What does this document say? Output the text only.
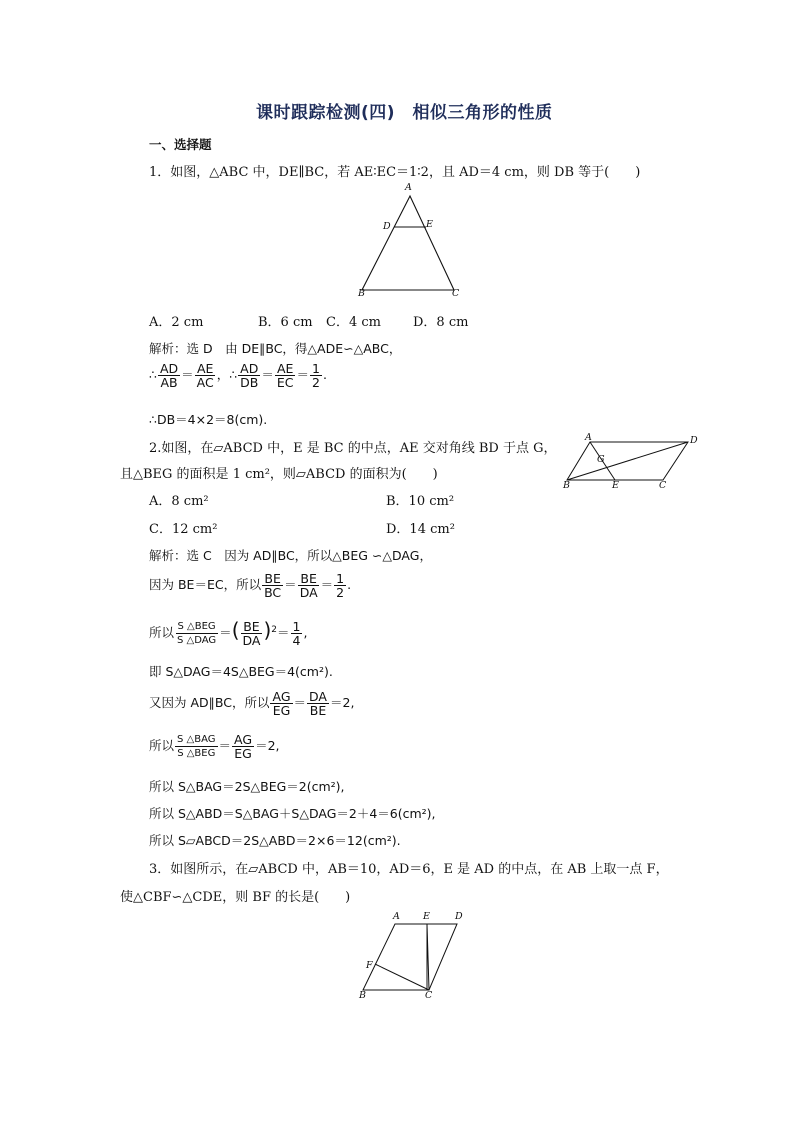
课时跟踪检测(四)　相似三角形的性质
一、选择题
1．如图，△ABC 中，DE∥BC，若 AE∶EC＝1∶2，且 AD＝4 cm，则 DB 等于(　　)
A
D	E
B	C
A．2 cm	B．6 cm C．4 cm D．8 cm
解析：选 D　由 DE∥BC，得△ADE∽△ABC，
∴ $\frac{AD}{AB} = \frac{AE}{AC}$ ，∴ $\frac{AD}{DB} = \frac{AE}{EC} = \frac{1}{2}$ .
∴DB＝4×2＝8(cm).
2.如图，在▱ABCD 中，E 是 BC 的中点，AE 交对角线 BD 于点 G，
且△BEG 的面积是 1 cm²，则▱ABCD 的面积为(　　)
A	D
G
B	E	C
A．8 cm²	B．10 cm²
C．12 cm²	D．14 cm²
解析：选 C　因为 AD∥BC，所以△BEG ∽△DAG，
因为 BE＝EC，所以 $\frac{BE}{BC} = \frac{BE}{DA} = \frac{1}{2}$ .
所以 $\frac{\text{S △BEG}}{\text{S △DAG}}$ ＝( $\frac{BE}{DA} )^2= \frac{1}{4}$ ,
即 S△DAG＝4S△BEG＝4(cm²).
又因为 AD∥BC，所以 $\frac{AG}{EG} = \frac{DA}{BE} =2$,
所以 $\frac{\text{S △BAG}}{\text{S △BEG}} = \frac{AG}{EG} =2$,
所以 S△BAG＝2S△BEG＝2(cm²),
所以 S△ABD＝S△BAG＋S△DAG＝2＋4＝6(cm²),
所以 S▱ABCD＝2S△ABD＝2×6＝12(cm²).
3．如图所示，在▱ABCD 中，AB＝10，AD＝6，E 是 AD 的中点，在 AB 上取一点 F，
使△CBF∽△CDE，则 BF 的长是(　　)
A E	D
F
B	C
